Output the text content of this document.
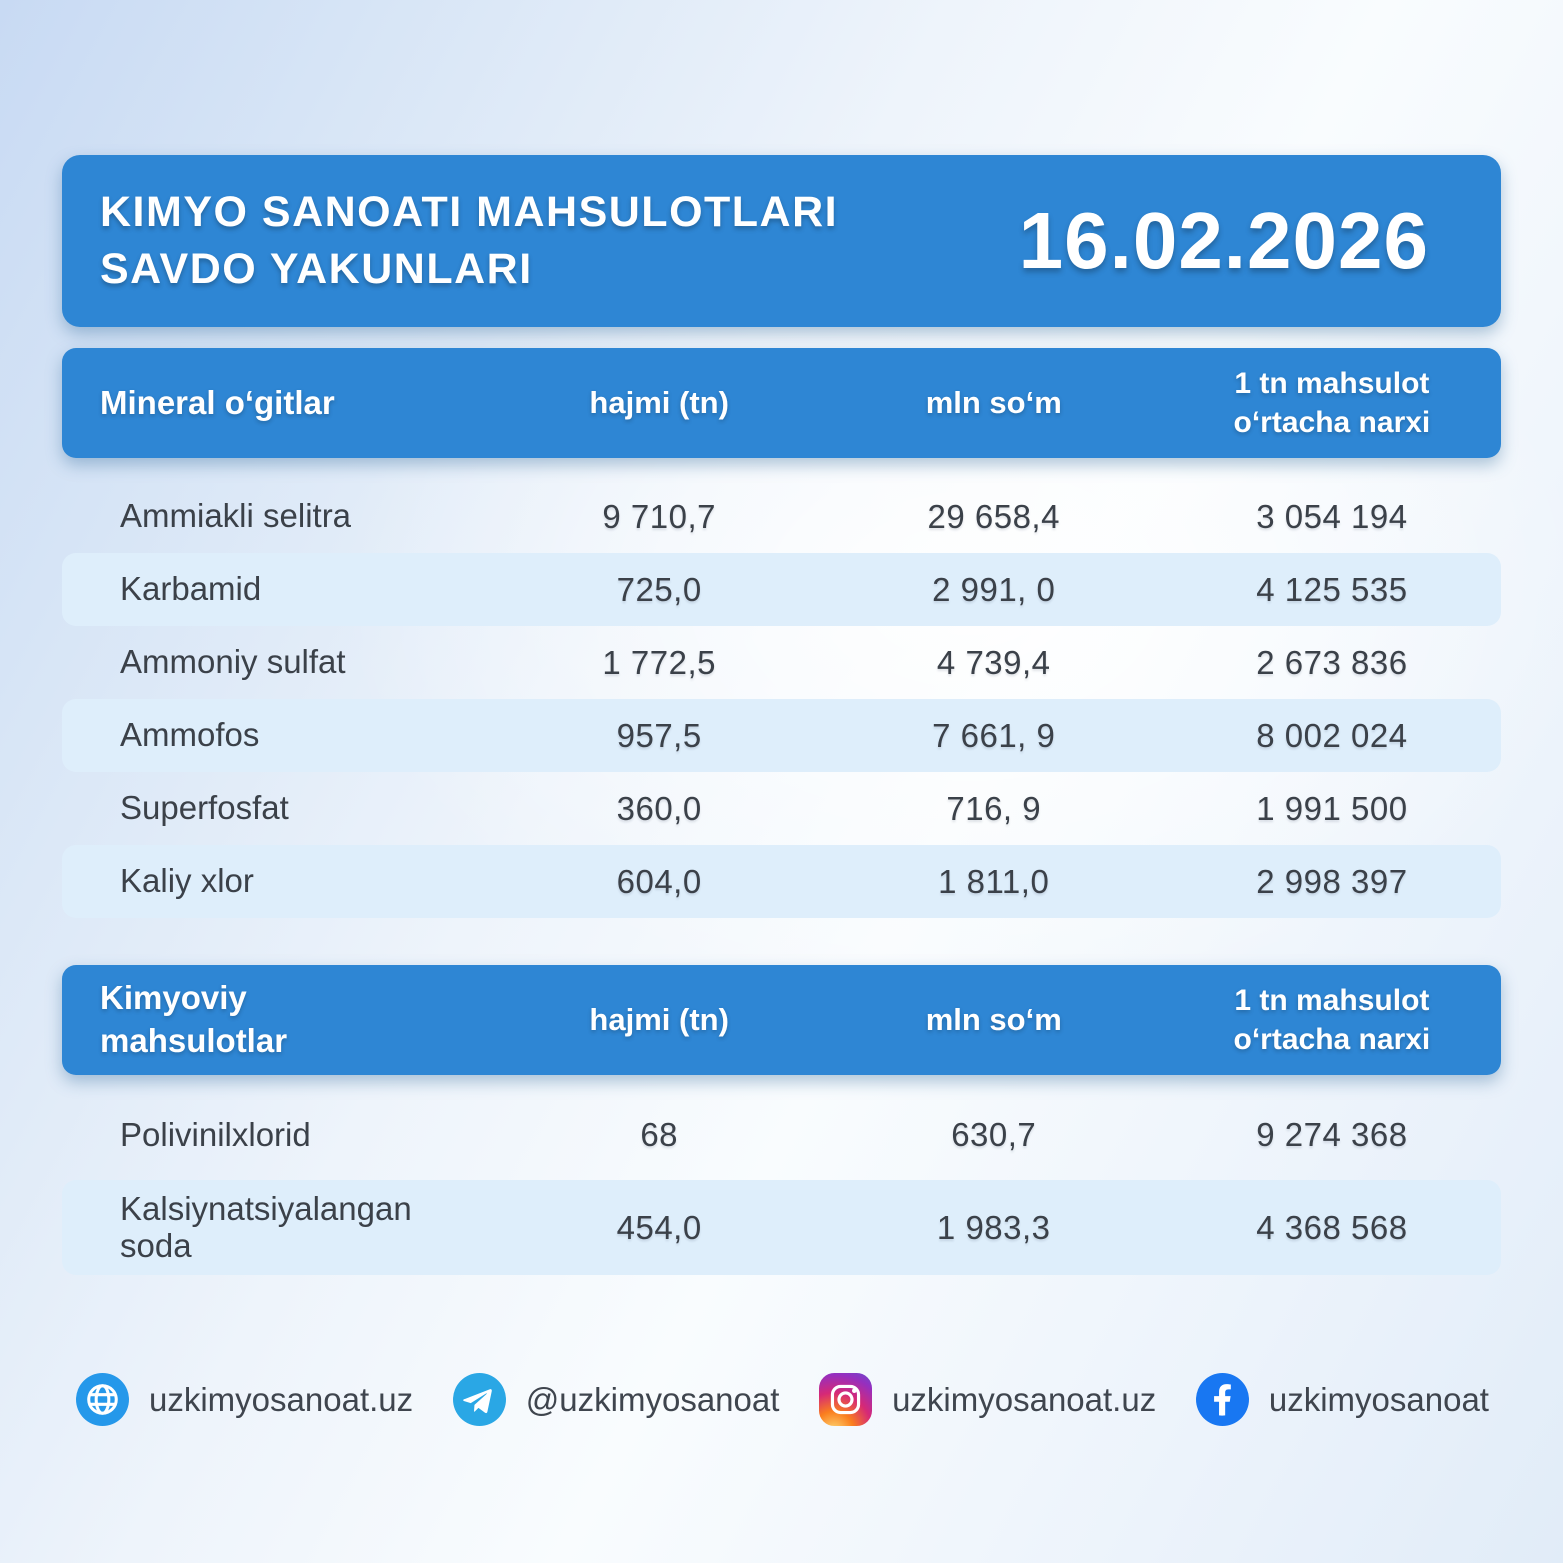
KIMYO SANOATI MAHSULOTLARI
SAVDO YAKUNLARI	16.02.2026
Mineral o‘gitlar	hajmi (tn)	mln so‘m
1 tn mahsulot
o‘rtacha narxi
Ammiakli selitra	9 710,7	29 658,4	3 054 194
Karbamid	725,0	2 991, 0	4 125 535
Ammoniy sulfat	1 772,5	4 739,4	2 673 836
Ammofos	957,5	7 661, 9	8 002 024
Superfosfat	360,0	716, 9	1 991 500
Kaliy xlor	604,0	1 811,0	2 998 397
Kimyoviy
mahsulotlar
hajmi (tn)	mln so‘m
1 tn mahsulot
o‘rtacha narxi
Polivinilxlorid	68	630,7	9 274 368
Kalsiynatsiyalangan soda	454,0	1 983,3	4 368 568
uzkimyosanoat.uz	@uzkimyosanoat	uzkimyosanoat.uz	uzkimyosanoat
